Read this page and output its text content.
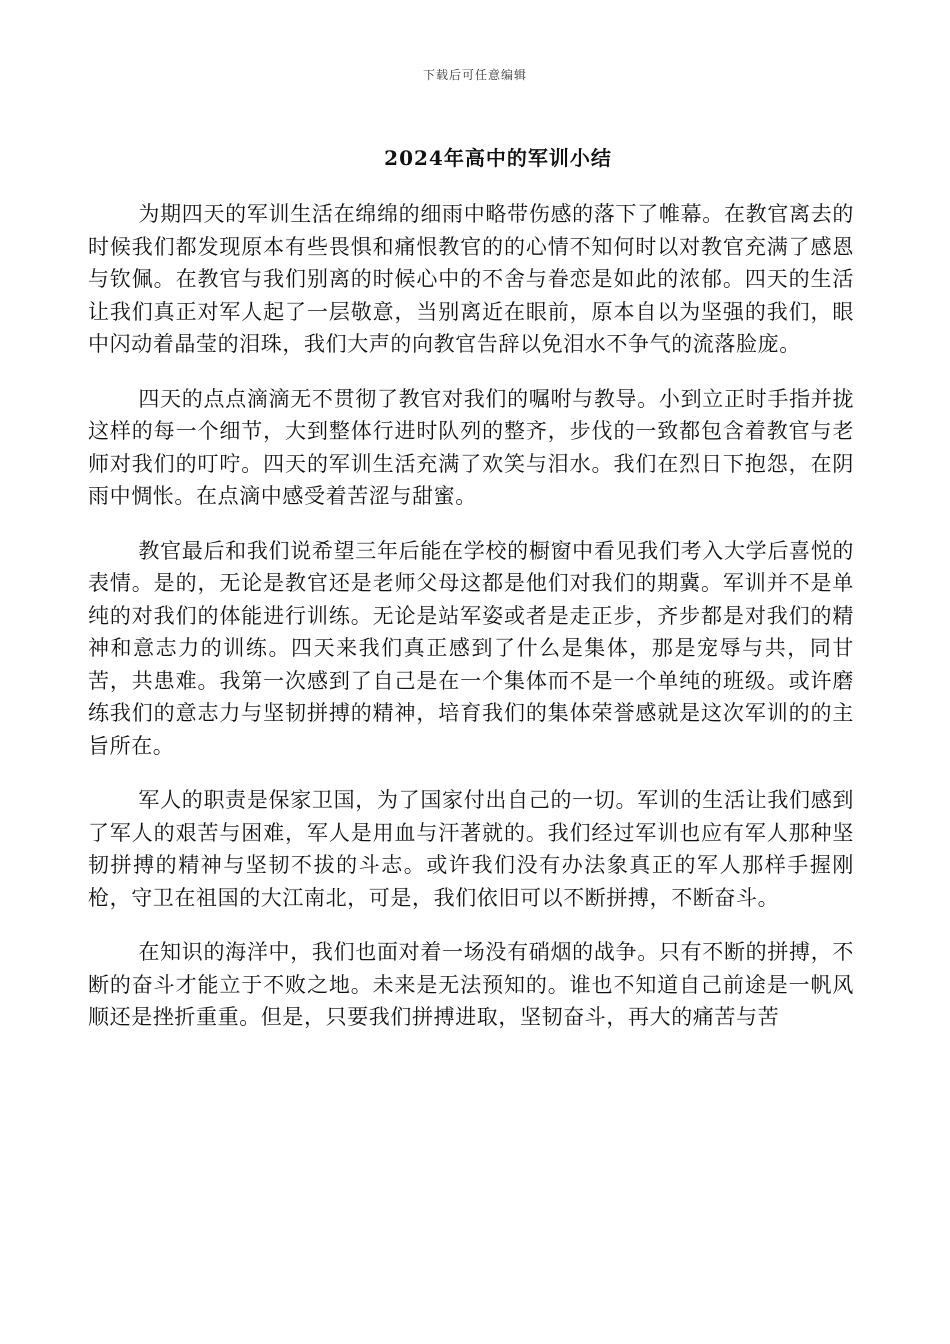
下载后可任意编辑
2024年高中的军训小结

为期四天的军训生活在绵绵的细雨中略带伤感的落下了帷幕。在教官离去的时候我们都发现原本有些畏惧和痛恨教官的的心情不知何时以对教官充满了感恩与钦佩。在教官与我们别离的时候心中的不舍与眷恋是如此的浓郁。四天的生活让我们真正对军人起了一层敬意，当别离近在眼前，原本自以为坚强的我们，眼中闪动着晶莹的泪珠，我们大声的向教官告辞以免泪水不争气的流落脸庞。

四天的点点滴滴无不贯彻了教官对我们的嘱咐与教导。小到立正时手指并拢这样的每一个细节，大到整体行进时队列的整齐，步伐的一致都包含着教官与老师对我们的叮咛。四天的军训生活充满了欢笑与泪水。我们在烈日下抱怨，在阴雨中惆怅。在点滴中感受着苦涩与甜蜜。

教官最后和我们说希望三年后能在学校的橱窗中看见我们考入大学后喜悦的表情。是的，无论是教官还是老师父母这都是他们对我们的期冀。军训并不是单纯的对我们的体能进行训练。无论是站军姿或者是走正步，齐步都是对我们的精神和意志力的训练。四天来我们真正感到了什么是集体，那是宠辱与共，同甘苦，共患难。我第一次感到了自己是在一个集体而不是一个单纯的班级。或许磨练我们的意志力与坚韧拼搏的精神，培育我们的集体荣誉感就是这次军训的的主旨所在。

军人的职责是保家卫国，为了国家付出自己的一切。军训的生活让我们感到了军人的艰苦与困难，军人是用血与汗著就的。我们经过军训也应有军人那种坚韧拼搏的精神与坚韧不拔的斗志。或许我们没有办法象真正的军人那样手握刚枪，守卫在祖国的大江南北，可是，我们依旧可以不断拼搏，不断奋斗。

在知识的海洋中，我们也面对着一场没有硝烟的战争。只有不断的拼搏，不断的奋斗才能立于不败之地。未来是无法预知的。谁也不知道自己前途是一帆风顺还是挫折重重。但是，只要我们拼搏进取，坚韧奋斗，再大的痛苦与苦
